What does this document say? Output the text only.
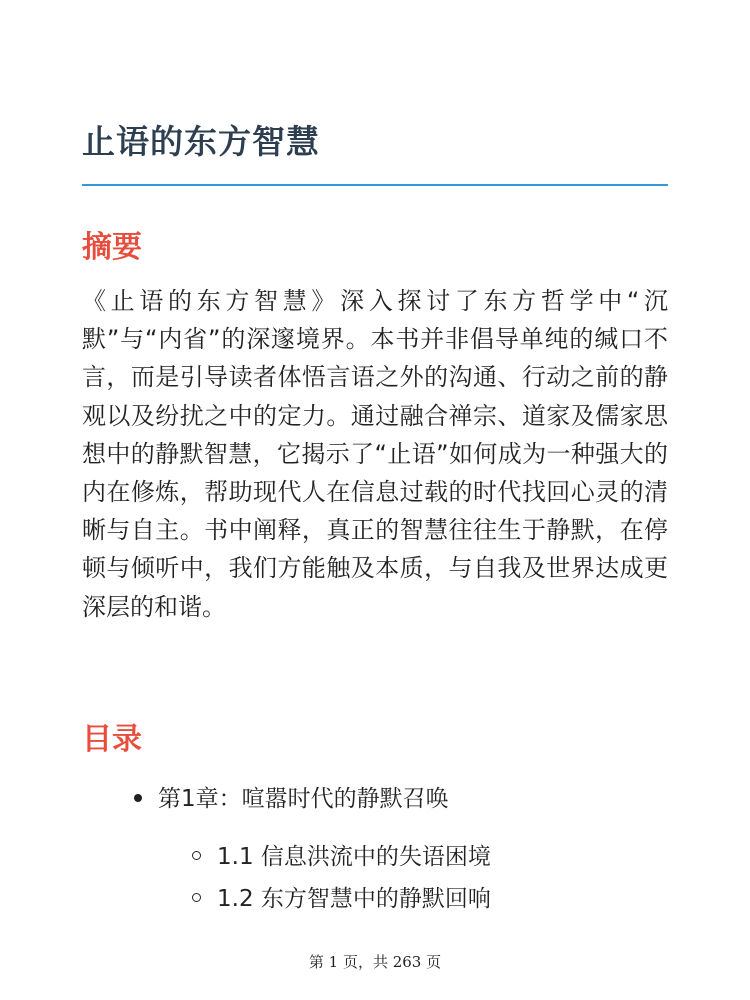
止语的东方智慧
摘要

《止语的东方智慧》深入探讨了东方哲学中“沉默”与“内省”的深邃境界。本书并非倡导单纯的缄口不言，而是引导读者体悟言语之外的沟通、行动之前的静观以及纷扰之中的定力。通过融合禅宗、道家及儒家思想中的静默智慧，它揭示了“止语”如何成为一种强大的内在修炼，帮助现代人在信息过载的时代找回心灵的清晰与自主。书中阐释，真正的智慧往往生于静默，在停顿与倾听中，我们方能触及本质，与自我及世界达成更深层的和谐。

目录
第1章：喧嚣时代的静默召唤
1.1 信息洪流中的失语困境
1.2 东方智慧中的静默回响
第 1 页，共 263 页
